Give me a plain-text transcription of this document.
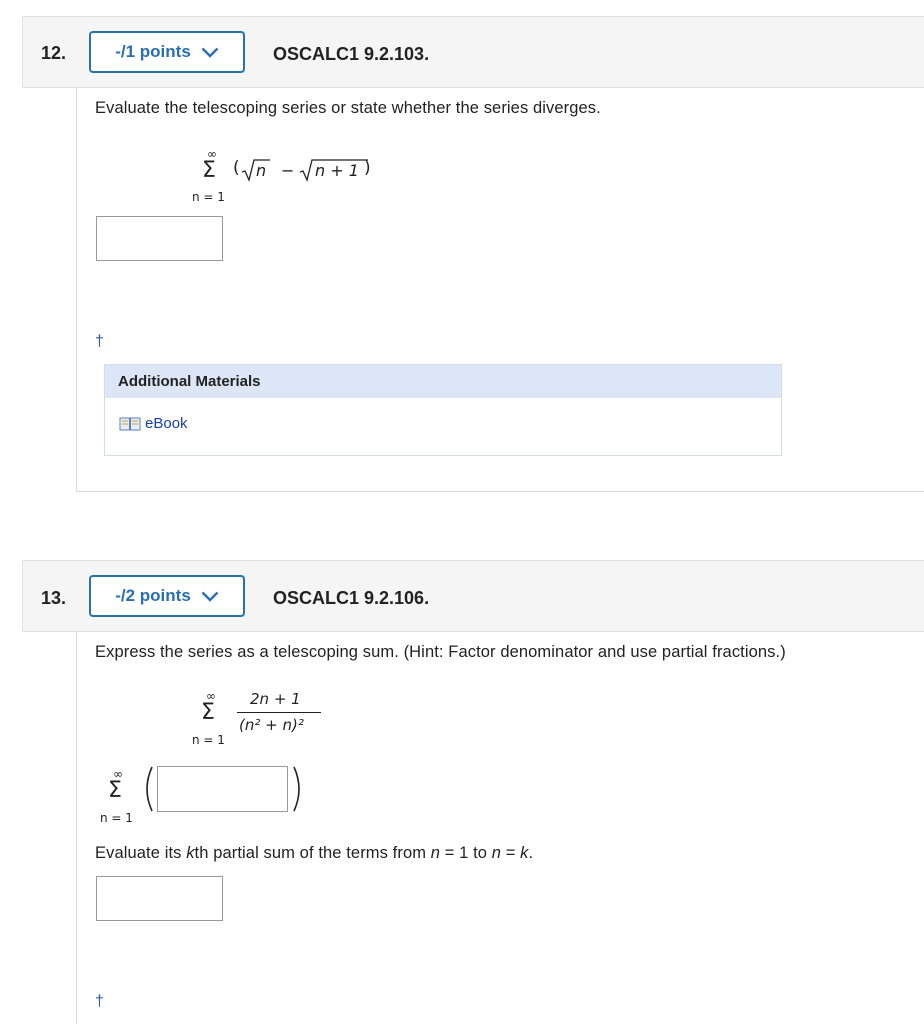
12.	-/1 points	OSCALC1 9.2.103.
Evaluate the telescoping series or state whether the series diverges.
∞
Σ
n = 1
( n − n + 1 )
†
Additional Materials
eBook
13.	-/2 points	OSCALC1 9.2.106.
Express the series as a telescoping sum. (Hint: Factor denominator and use partial fractions.)
∞
Σ
n = 1
2n + 1
(n² + n)²
∞
Σ
n = 1
Evaluate its kth partial sum of the terms from n = 1 to n = k.
†
